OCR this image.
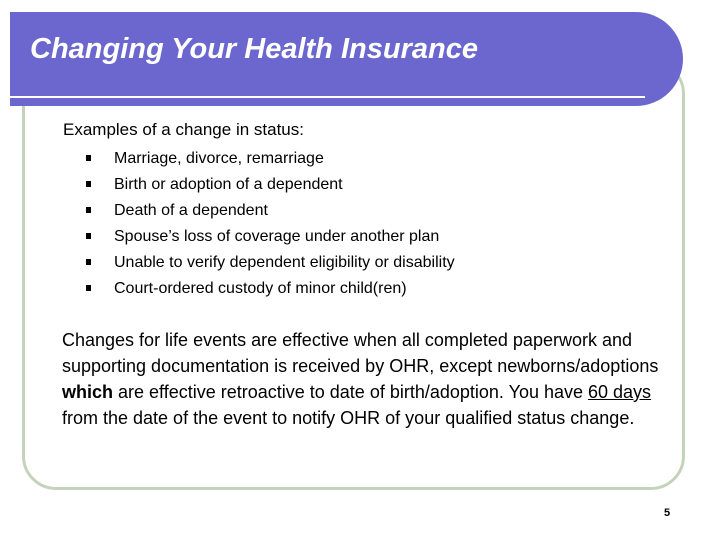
Changing Your Health Insurance

Examples of a change in status:

Marriage, divorce, remarriage
Birth or adoption of a dependent
Death of a dependent
Spouse’s loss of coverage under another plan
Unable to verify dependent eligibility or disability
Court-ordered custody of minor child(ren)

Changes for life events are effective when all completed paperwork and supporting documentation is received by OHR, except newborns/adoptions which are effective retroactive to date of birth/adoption. You have 60 days from the date of the event to notify OHR of your qualified status change.

5
